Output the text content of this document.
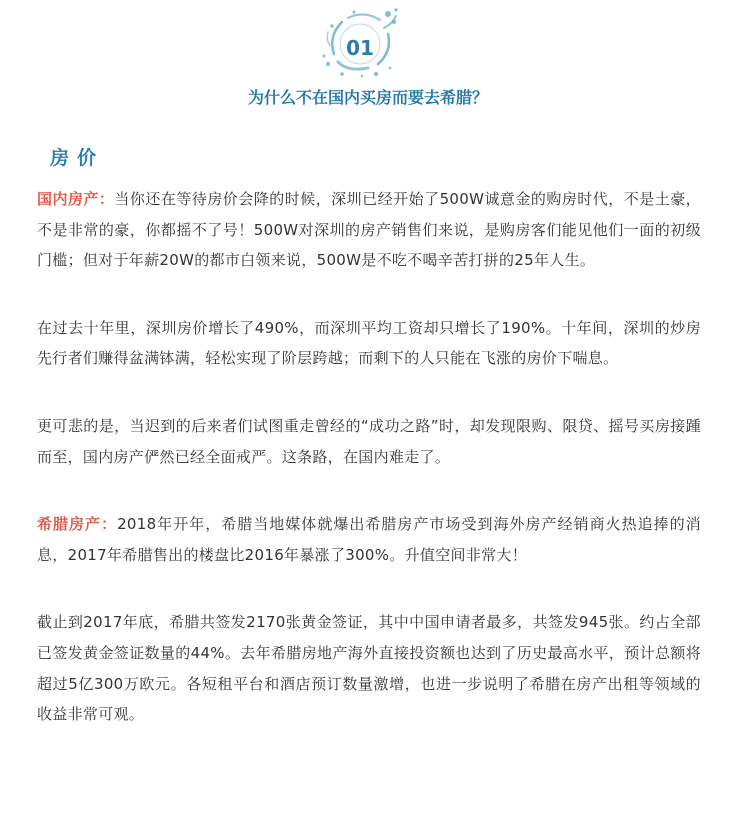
01
为什么不在国内买房而要去希腊？
房价

国内房产：当你还在等待房价会降的时候，深圳已经开始了500W诚意金的购房时代，不是土豪，不是非常的豪，你都摇不了号！500W对深圳的房产销售们来说，是购房客们能见他们一面的初级门槛；但对于年薪20W的都市白领来说，500W是不吃不喝辛苦打拼的25年人生。

在过去十年里，深圳房价增长了490%，而深圳平均工资却只增长了190%。十年间，深圳的炒房先行者们赚得盆满钵满，轻松实现了阶层跨越；而剩下的人只能在飞涨的房价下喘息。

更可悲的是，当迟到的后来者们试图重走曾经的“成功之路”时，却发现限购、限贷、摇号买房接踵而至，国内房产俨然已经全面戒严。这条路，在国内难走了。

希腊房产：2018年开年，希腊当地媒体就爆出希腊房产市场受到海外房产经销商火热追捧的消息，2017年希腊售出的楼盘比2016年暴涨了300%。升值空间非常大！

截止到2017年底，希腊共签发2170张黄金签证，其中中国申请者最多，共签发945张。约占全部已签发黄金签证数量的44%。去年希腊房地产海外直接投资额也达到了历史最高水平，预计总额将超过5亿300万欧元。各短租平台和酒店预订数量激增，也进一步说明了希腊在房产出租等领域的收益非常可观。
